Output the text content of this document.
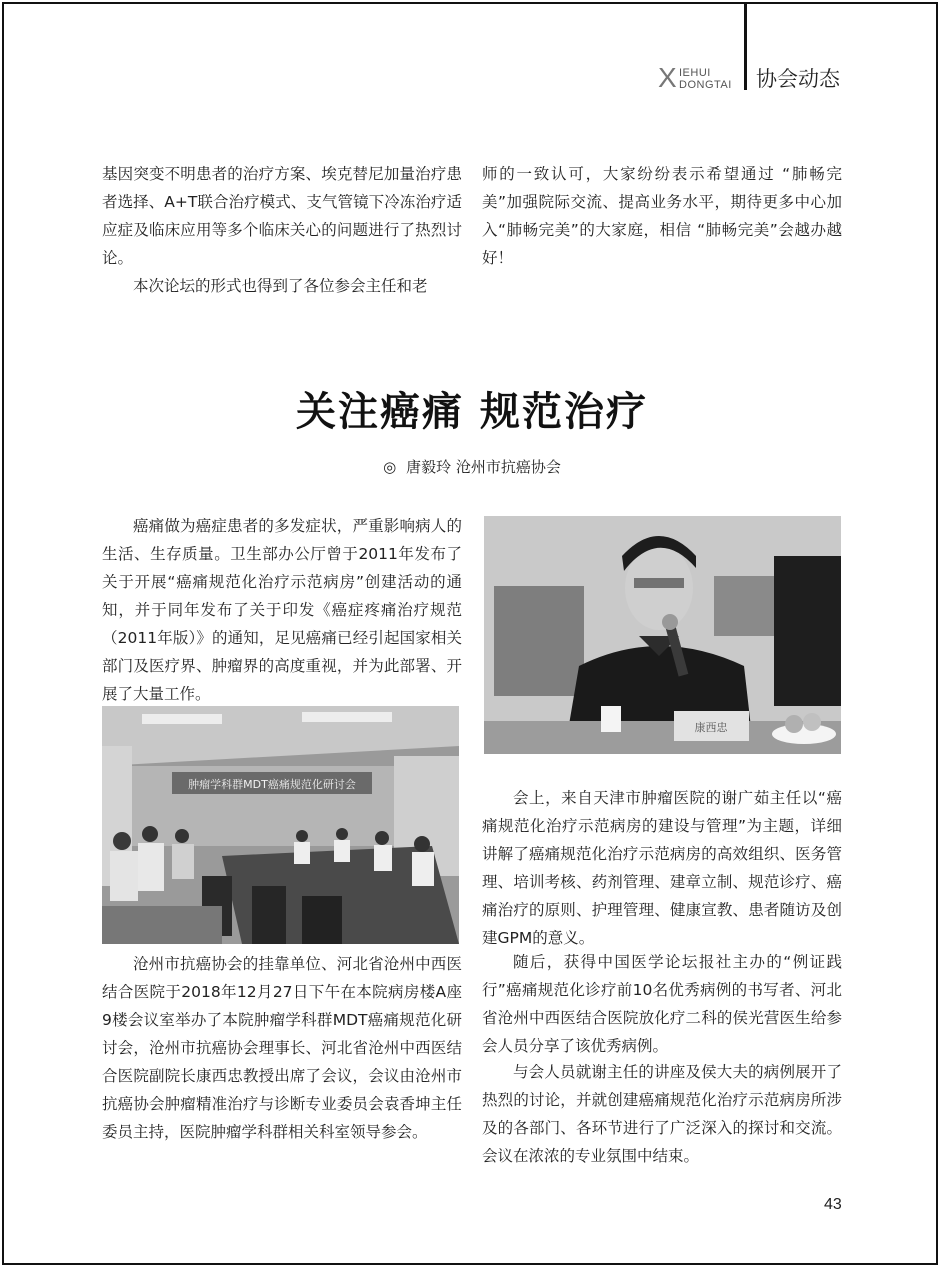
X IEHUI
DONGTAI 协会动态

基因突变不明患者的治疗方案、埃克替尼加量治疗患者选择、A+T联合治疗模式、支气管镜下冷冻治疗适应症及临床应用等多个临床关心的问题进行了热烈讨论。

本次论坛的形式也得到了各位参会主任和老

师的一致认可，大家纷纷表示希望通过 “肺畅完美”加强院际交流、提高业务水平，期待更多中心加入“肺畅完美”的大家庭，相信 “肺畅完美”会越办越好！

关注癌痛 规范治疗
◎ 唐毅玲 沧州市抗癌协会

癌痛做为癌症患者的多发症状，严重影响病人的生活、生存质量。卫生部办公厅曾于2011年发布了关于开展“癌痛规范化治疗示范病房”创建活动的通知，并于同年发布了关于印发《癌症疼痛治疗规范（2011年版）》的通知，足见癌痛已经引起国家相关部门及医疗界、肿瘤界的高度重视，并为此部署、开展了大量工作。

肿瘤学科群MDT癌痛规范化研讨会

沧州市抗癌协会的挂靠单位、河北省沧州中西医结合医院于2018年12月27日下午在本院病房楼A座9楼会议室举办了本院肿瘤学科群MDT癌痛规范化研讨会，沧州市抗癌协会理事长、河北省沧州中西医结合医院副院长康西忠教授出席了会议，会议由沧州市抗癌协会肿瘤精准治疗与诊断专业委员会袁香坤主任委员主持，医院肿瘤学科群相关科室领导参会。

康西忠

会上，来自天津市肿瘤医院的谢广茹主任以“癌痛规范化治疗示范病房的建设与管理”为主题，详细讲解了癌痛规范化治疗示范病房的高效组织、医务管理、培训考核、药剂管理、建章立制、规范诊疗、癌痛治疗的原则、护理管理、健康宣教、患者随访及创建GPM的意义。

随后，获得中国医学论坛报社主办的“例证践行”癌痛规范化诊疗前10名优秀病例的书写者、河北省沧州中西医结合医院放化疗二科的侯光营医生给参会人员分享了该优秀病例。

与会人员就谢主任的讲座及侯大夫的病例展开了热烈的讨论，并就创建癌痛规范化治疗示范病房所涉及的各部门、各环节进行了广泛深入的探讨和交流。会议在浓浓的专业氛围中结束。

43
